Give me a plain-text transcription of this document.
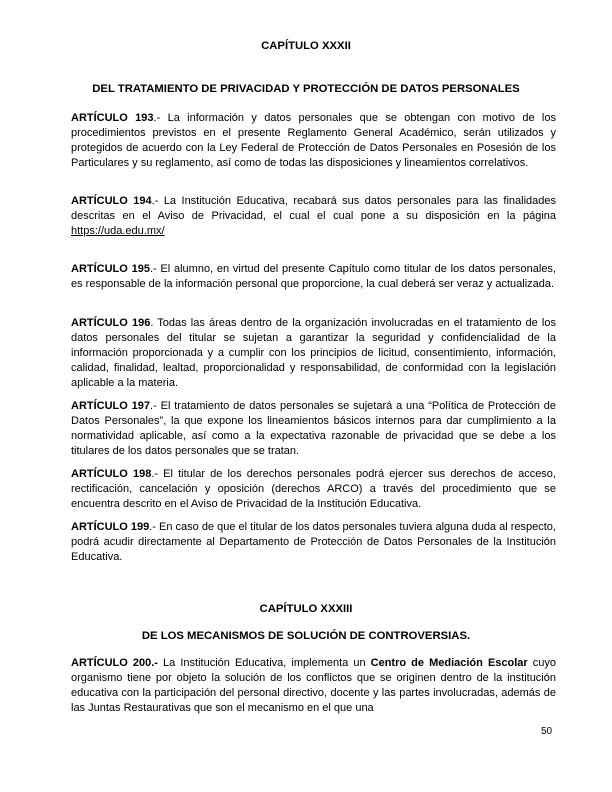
CAPÍTULO XXXII
DEL TRATAMIENTO DE PRIVACIDAD Y PROTECCIÓN DE DATOS PERSONALES

ARTÍCULO 193.- La información y datos personales que se obtengan con motivo de los procedimientos previstos en el presente Reglamento General Académico, serán utilizados y protegidos de acuerdo con la Ley Federal de Protección de Datos Personales en Posesión de los Particulares y su reglamento, así como de todas las disposiciones y lineamientos correlativos.

ARTÍCULO 194.- La Institución Educativa, recabará sus datos personales para las finalidades descritas en el Aviso de Privacidad, el cual el cual pone a su disposición en la página https://uda.edu.mx/

ARTÍCULO 195.- El alumno, en virtud del presente Capítulo como titular de los datos personales, es responsable de la información personal que proporcione, la cual deberá ser veraz y actualizada.

ARTÍCULO 196. Todas las áreas dentro de la organización involucradas en el tratamiento de los datos personales del titular se sujetan a garantizar la seguridad y confidencialidad de la información proporcionada y a cumplir con los principios de licitud, consentimiento, información, calidad, finalidad, lealtad, proporcionalidad y responsabilidad, de conformidad con la legislación aplicable a la materia.

ARTÍCULO 197.- El tratamiento de datos personales se sujetará a una “Política de Protección de Datos Personales”, la que expone los lineamientos básicos internos para dar cumplimiento a la normatividad aplicable, así como a la expectativa razonable de privacidad que se debe a los titulares de los datos personales que se tratan.

ARTÍCULO 198.- El titular de los derechos personales podrá ejercer sus derechos de acceso, rectificación, cancelación y oposición (derechos ARCO) a través del procedimiento que se encuentra descrito en el Aviso de Privacidad de la Institución Educativa.

ARTÍCULO 199.- En caso de que el titular de los datos personales tuviera alguna duda al respecto, podrá acudir directamente al Departamento de Protección de Datos Personales de la Institución Educativa.

CAPÍTULO XXXIII
DE LOS MECANISMOS DE SOLUCIÓN DE CONTROVERSIAS.

ARTÍCULO 200.- La Institución Educativa, implementa un Centro de Mediación Escolar cuyo organismo tiene por objeto la solución de los conflictos que se originen dentro de la institución educativa con la participación del personal directivo, docente y las partes involucradas, además de las Juntas Restaurativas que son el mecanismo en el que una

50
